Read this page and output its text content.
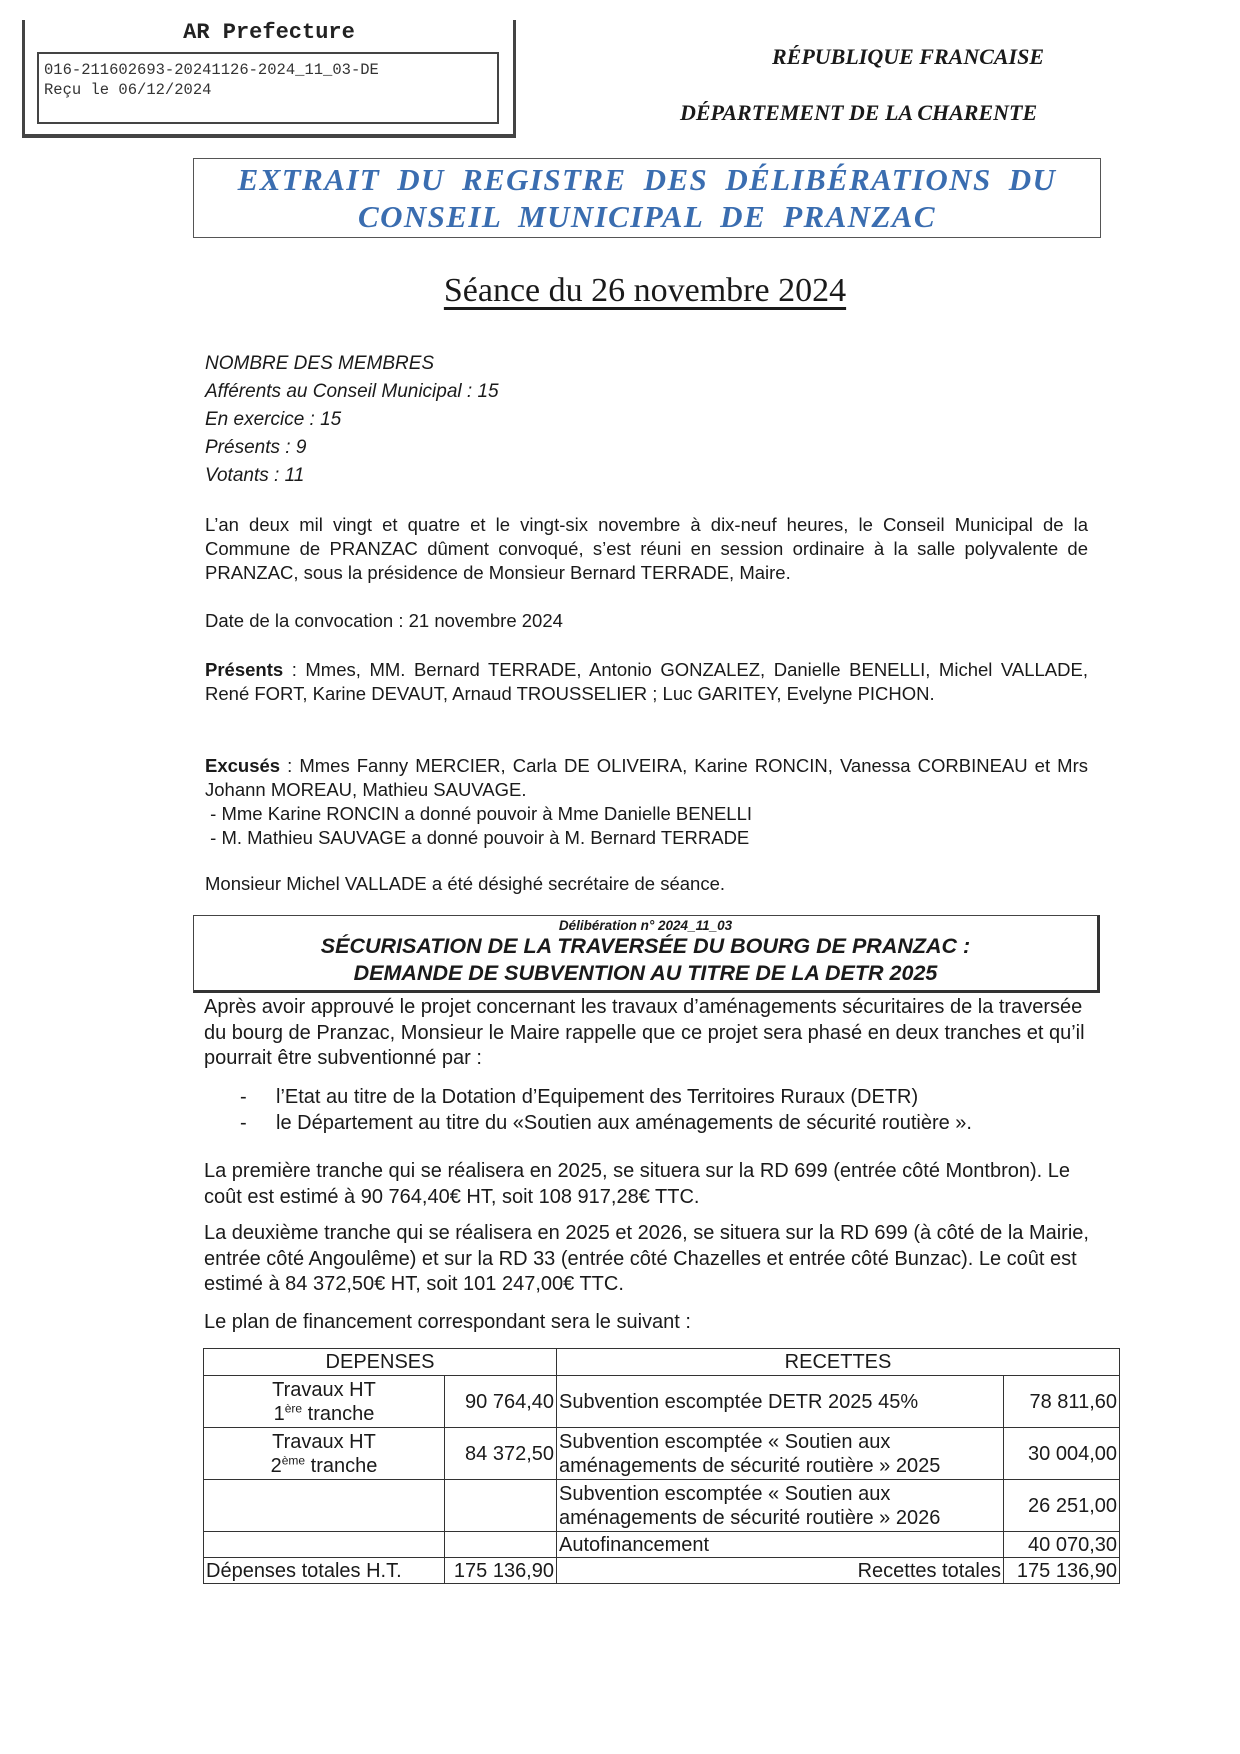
AR Prefecture
016-211602693-20241126-2024_11_03-DE
Reçu le 06/12/2024
RÉPUBLIQUE FRANCAISE
DÉPARTEMENT DE LA CHARENTE
EXTRAIT DU REGISTRE DES DÉLIBÉRATIONS DU
CONSEIL MUNICIPAL DE PRANZAC
Séance du 26 novembre 2024
NOMBRE DES MEMBRES
Afférents au Conseil Municipal : 15
En exercice : 15
Présents : 9
Votants : 11
L’an deux mil vingt et quatre et le vingt-six novembre à dix-neuf heures, le Conseil Municipal de la Commune de PRANZAC dûment convoqué, s’est réuni en session ordinaire à la salle polyvalente de PRANZAC, sous la présidence de Monsieur Bernard TERRADE, Maire.
Date de la convocation : 21 novembre 2024
Présents : Mmes, MM. Bernard TERRADE, Antonio GONZALEZ, Danielle BENELLI, Michel VALLADE, René FORT, Karine DEVAUT, Arnaud TROUSSELIER ; Luc GARITEY, Evelyne PICHON.
Excusés : Mmes Fanny MERCIER, Carla DE OLIVEIRA, Karine RONCIN, Vanessa CORBINEAU et Mrs Johann MOREAU, Mathieu SAUVAGE.
- Mme Karine RONCIN a donné pouvoir à Mme Danielle BENELLI
- M. Mathieu SAUVAGE a donné pouvoir à M. Bernard TERRADE
Monsieur Michel VALLADE a été désighé secrétaire de séance.
Délibération n° 2024_11_03
SÉCURISATION DE LA TRAVERSÉE DU BOURG DE PRANZAC :
DEMANDE DE SUBVENTION AU TITRE DE LA DETR 2025
Après avoir approuvé le projet concernant les travaux d’aménagements sécuritaires de la traversée du bourg de Pranzac, Monsieur le Maire rappelle que ce projet sera phasé en deux tranches et qu’il pourrait être subventionné par :
- l’Etat au titre de la Dotation d’Equipement des Territoires Ruraux (DETR)
- le Département au titre du «Soutien aux aménagements de sécurité routière ».
La première tranche qui se réalisera en 2025, se situera sur la RD 699 (entrée côté Montbron). Le coût est estimé à 90 764,40€ HT, soit 108 917,28€ TTC.
La deuxième tranche qui se réalisera en 2025 et 2026, se situera sur la RD 699 (à côté de la Mairie, entrée côté Angoulême) et sur la RD 33 (entrée côté Chazelles et entrée côté Bunzac). Le coût est estimé à 84 372,50€ HT, soit 101 247,00€ TTC.
Le plan de financement correspondant sera le suivant :
DEPENSES		RECETTES	

Travaux HT
1ère tranche	90 764,40	Subvention escomptée DETR 2025 45%	78 811,60

Travaux HT
2ème tranche	84 372,50	Subvention escomptée « Soutien aux aménagements de sécurité routière » 2025	30 004,00
		Subvention escomptée « Soutien aux aménagements de sécurité routière » 2026	26 251,00
		Autofinancement	40 070,30
Dépenses totales H.T.	175 136,90	Recettes totales	175 136,90
